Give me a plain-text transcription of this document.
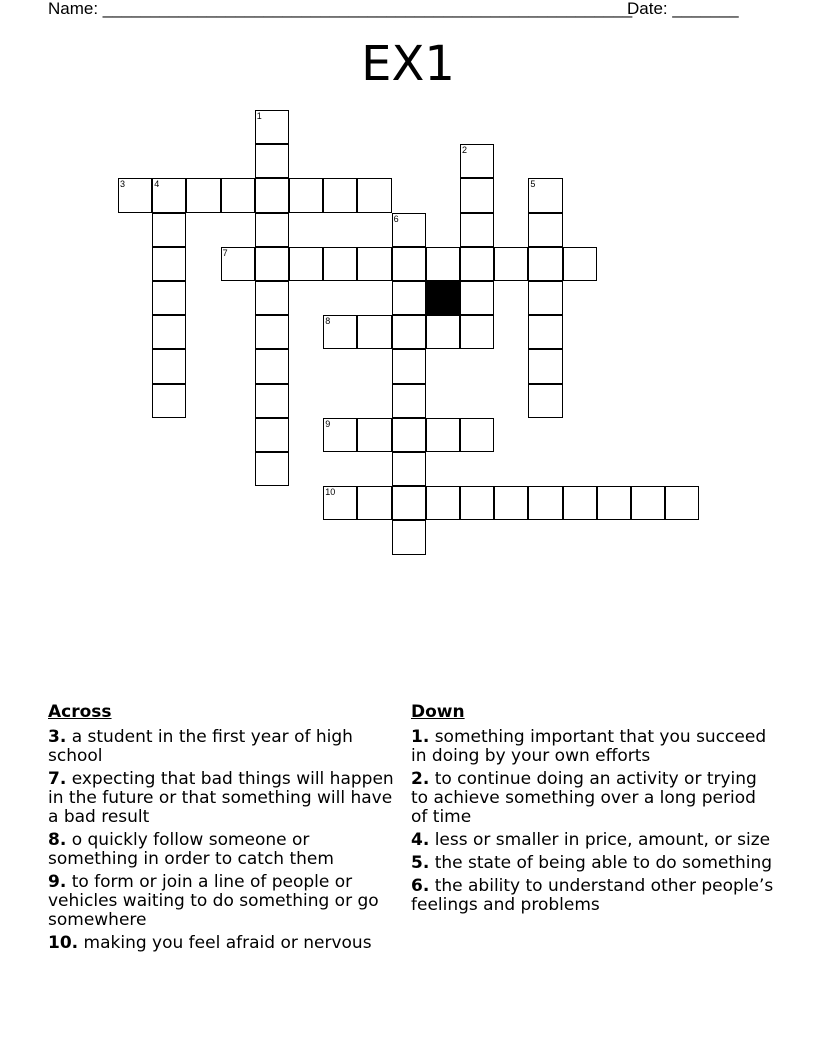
Name: ________________________________________________________
Date: _______
EX1
1
2
3	4	5
6
7
8
9
10
Across
3. a student in the first year of high school
7. expecting that bad things will happen in the future or that something will have a bad result
8. o quickly follow someone or something in order to catch them
9. to form or join a line of people or vehicles waiting to do something or go somewhere
10. making you feel afraid or nervous
Down
1. something important that you succeed in doing by your own efforts
2. to continue doing an activity or trying to achieve something over a long period of time
4. less or smaller in price, amount, or size
5. the state of being able to do something
6. the ability to understand other people’s feelings and problems
